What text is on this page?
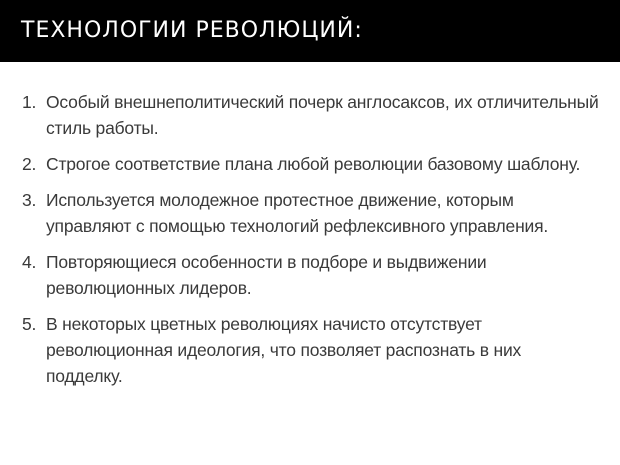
ТЕХНОЛОГИИ РЕВОЛЮЦИЙ:
1. Особый внешнеполитический почерк англосаксов, их отличительный стиль работы.
2. Строгое соответствие плана любой революции базовому шаблону.
3. Используется молодежное протестное движение, которым управляют с помощью технологий рефлексивного управления.
4. Повторяющиеся особенности в подборе и выдвижении революционных лидеров.
5. В некоторых цветных революциях начисто отсутствует революционная идеология, что позволяет распознать в них подделку.
